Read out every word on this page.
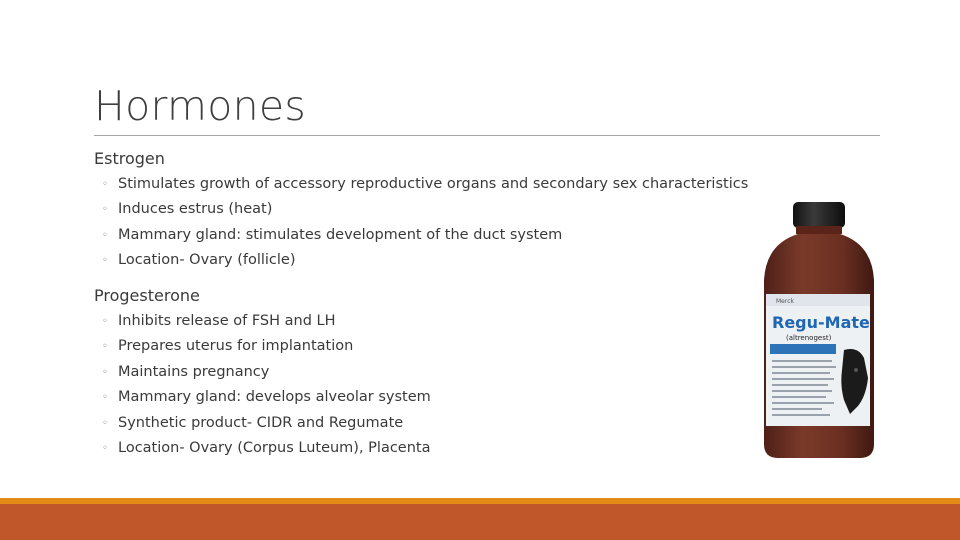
Hormones
Estrogen
◦ Stimulates growth of accessory reproductive organs and secondary sex characteristics
◦ Induces estrus (heat)
◦ Mammary gland: stimulates development of the duct system
◦ Location- Ovary (follicle)
Progesterone
◦ Inhibits release of FSH and LH
◦ Prepares uterus for implantation
◦ Maintains pregnancy
◦ Mammary gland: develops alveolar system
◦ Synthetic product- CIDR and Regumate
◦ Location- Ovary (Corpus Luteum), Placenta
Merck
Regu-Mate
(altrenogest)
